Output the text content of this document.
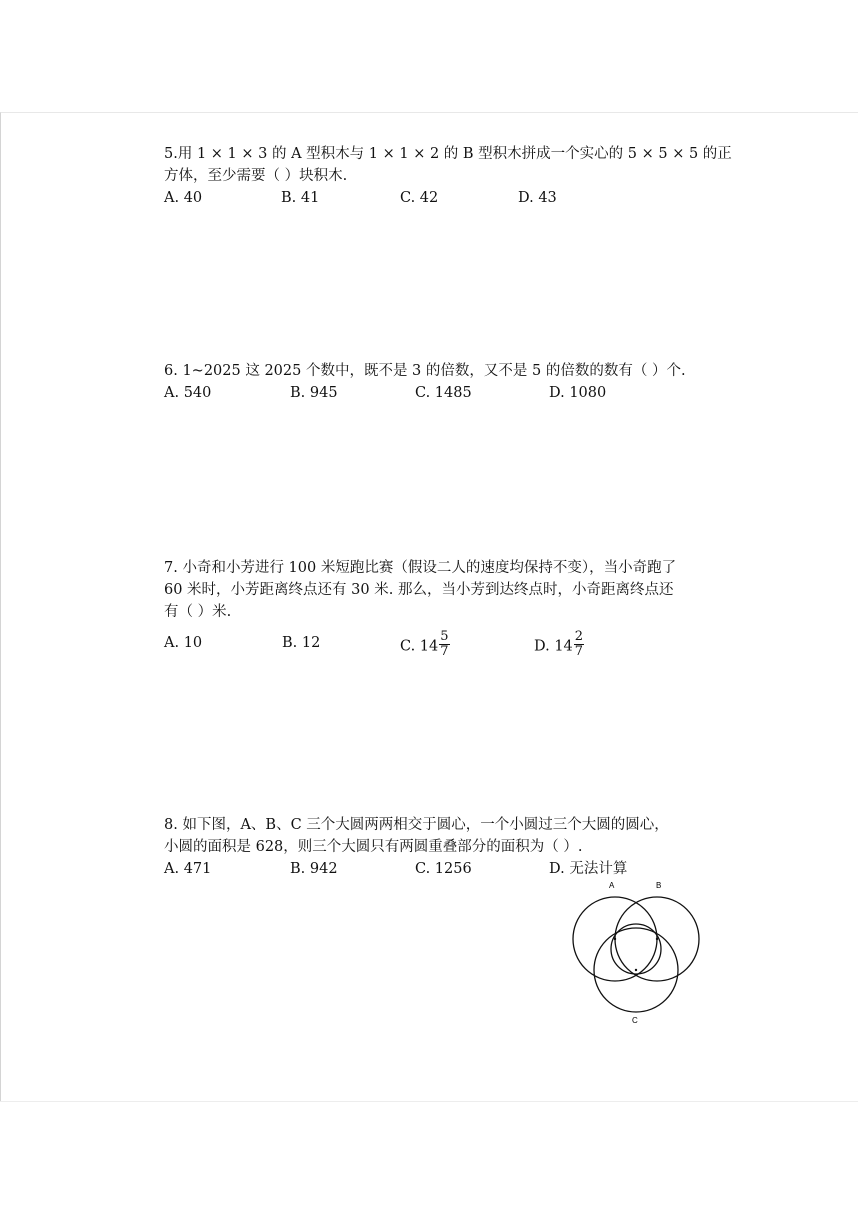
5.用 1 × 1 × 3 的 A 型积木与 1 × 1 × 2 的 B 型积木拼成一个实心的 5 × 5 × 5 的正

方体，至少需要（ ）块积木.

A. 40	B. 41	C. 42	D. 43

6. 1~2025 这 2025 个数中，既不是 3 的倍数，又不是 5 的倍数的数有（ ）个.

A. 540	B. 945	C. 1485	D. 1080

7. 小奇和小芳进行 100 米短跑比赛（假设二人的速度均保持不变），当小奇跑了

60 米时，小芳距离终点还有 30 米. 那么，当小芳到达终点时，小奇距离终点还

有（ ）米.

A. 10	B. 12	C. $14 \frac{5}{7}$	D. $14 \frac{2}{7}$

8. 如下图，A、B、C 三个大圆两两相交于圆心，一个小圆过三个大圆的圆心，

小圆的面积是 628，则三个大圆只有两圆重叠部分的面积为（ ）.

A. 471	B. 942	C. 1256	D. 无法计算
A	B
C
